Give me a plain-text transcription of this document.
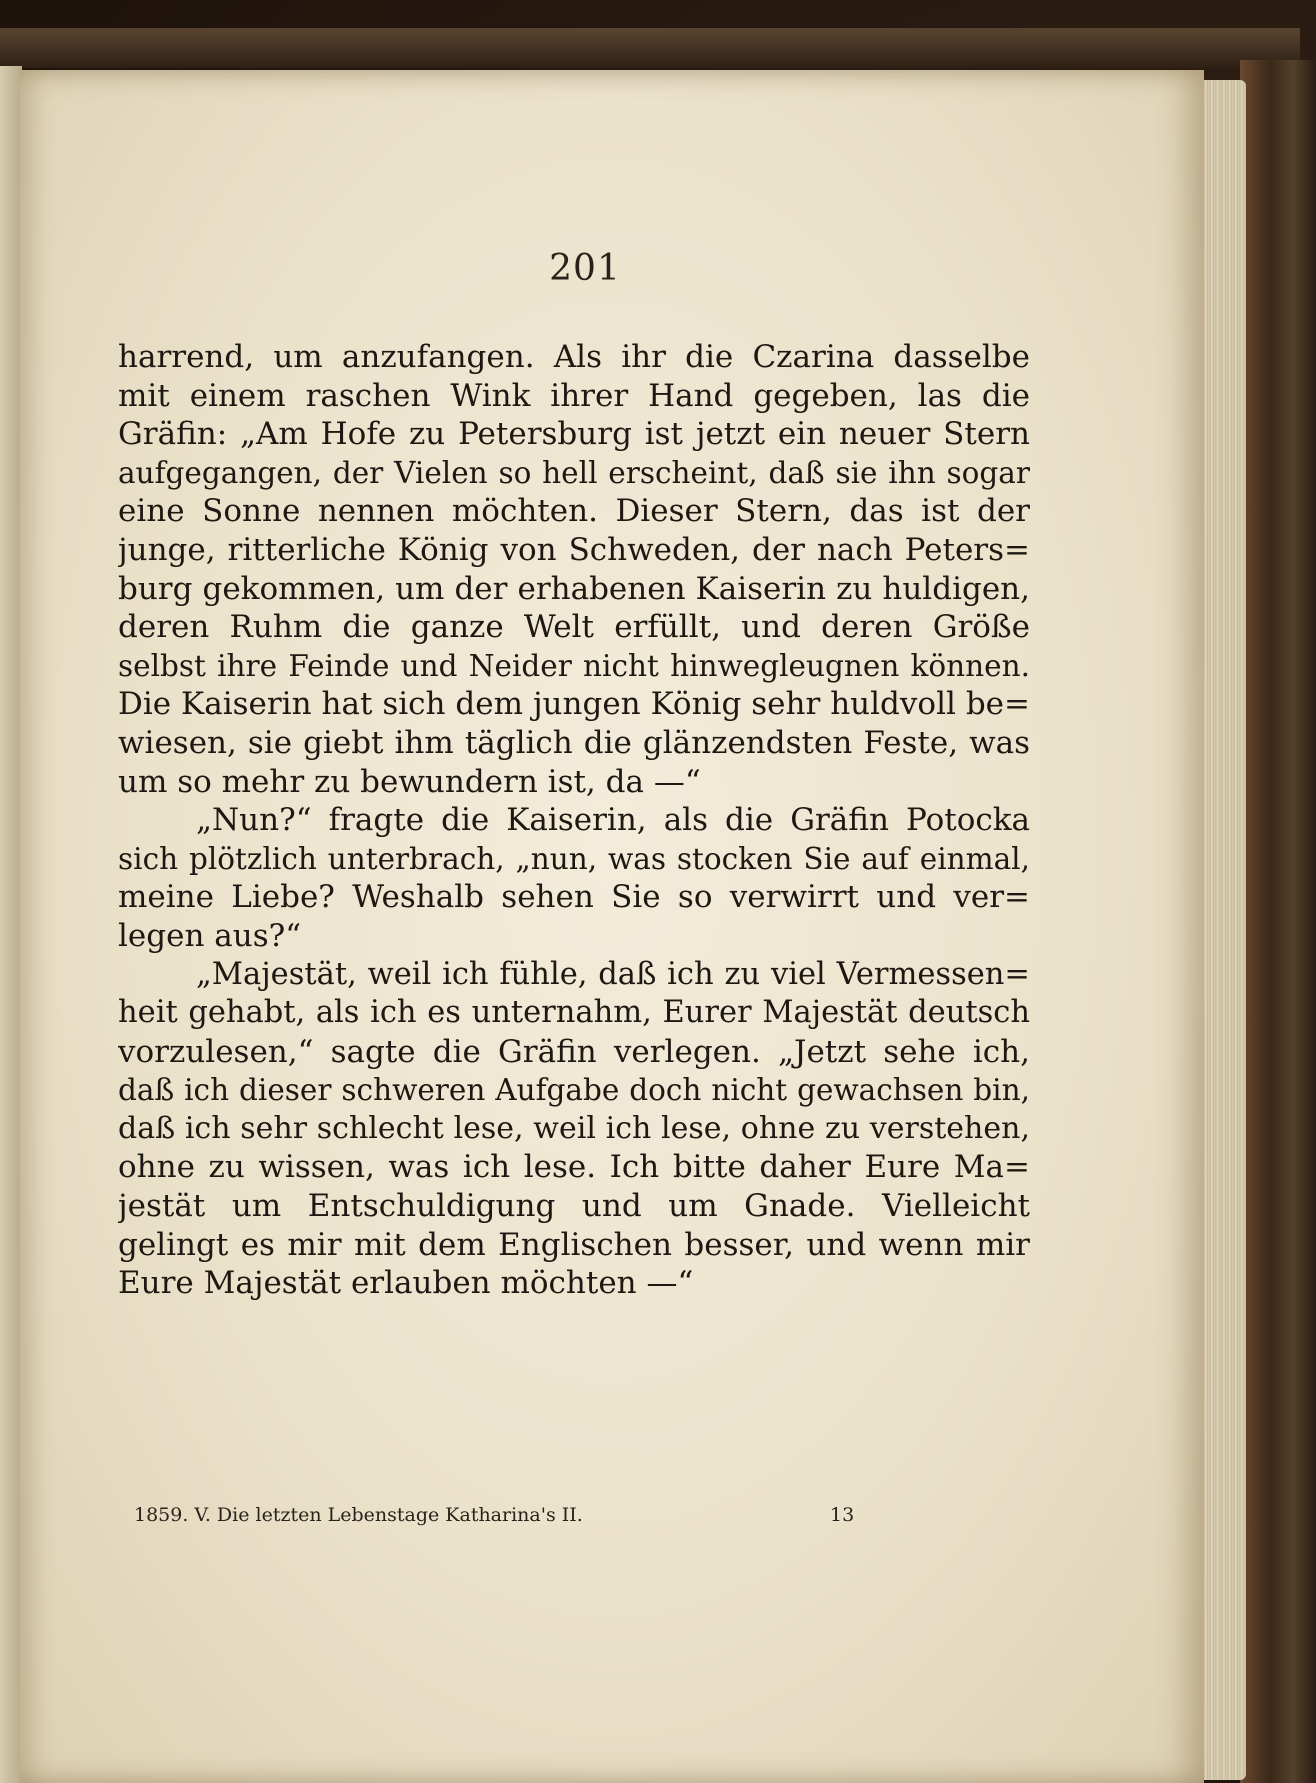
201
harrend, um anzufangen. Als ihr die Czarina dasselbe
mit einem raschen Wink ihrer Hand gegeben, las die
Gräfin: „Am Hofe zu Petersburg ist jetzt ein neuer Stern
aufgegangen, der Vielen so hell erscheint, daß sie ihn sogar
eine Sonne nennen möchten. Dieser Stern, das ist der
junge, ritterliche König von Schweden, der nach Peters=
burg gekommen, um der erhabenen Kaiserin zu huldigen,
deren Ruhm die ganze Welt erfüllt, und deren Größe
selbst ihre Feinde und Neider nicht hinwegleugnen können.
Die Kaiserin hat sich dem jungen König sehr huldvoll be=
wiesen, sie giebt ihm täglich die glänzendsten Feste, was
um so mehr zu bewundern ist, da —“
„Nun?“ fragte die Kaiserin, als die Gräfin Potocka
sich plötzlich unterbrach, „nun, was stocken Sie auf einmal,
meine Liebe? Weshalb sehen Sie so verwirrt und ver=
legen aus?“
„Majestät, weil ich fühle, daß ich zu viel Vermessen=
heit gehabt, als ich es unternahm, Eurer Majestät deutsch
vorzulesen,“ sagte die Gräfin verlegen. „Jetzt sehe ich,
daß ich dieser schweren Aufgabe doch nicht gewachsen bin,
daß ich sehr schlecht lese, weil ich lese, ohne zu verstehen,
ohne zu wissen, was ich lese. Ich bitte daher Eure Ma=
jestät um Entschuldigung und um Gnade. Vielleicht
gelingt es mir mit dem Englischen besser, und wenn mir
Eure Majestät erlauben möchten —“
1859. V. Die letzten Lebenstage Katharina's II.	13
